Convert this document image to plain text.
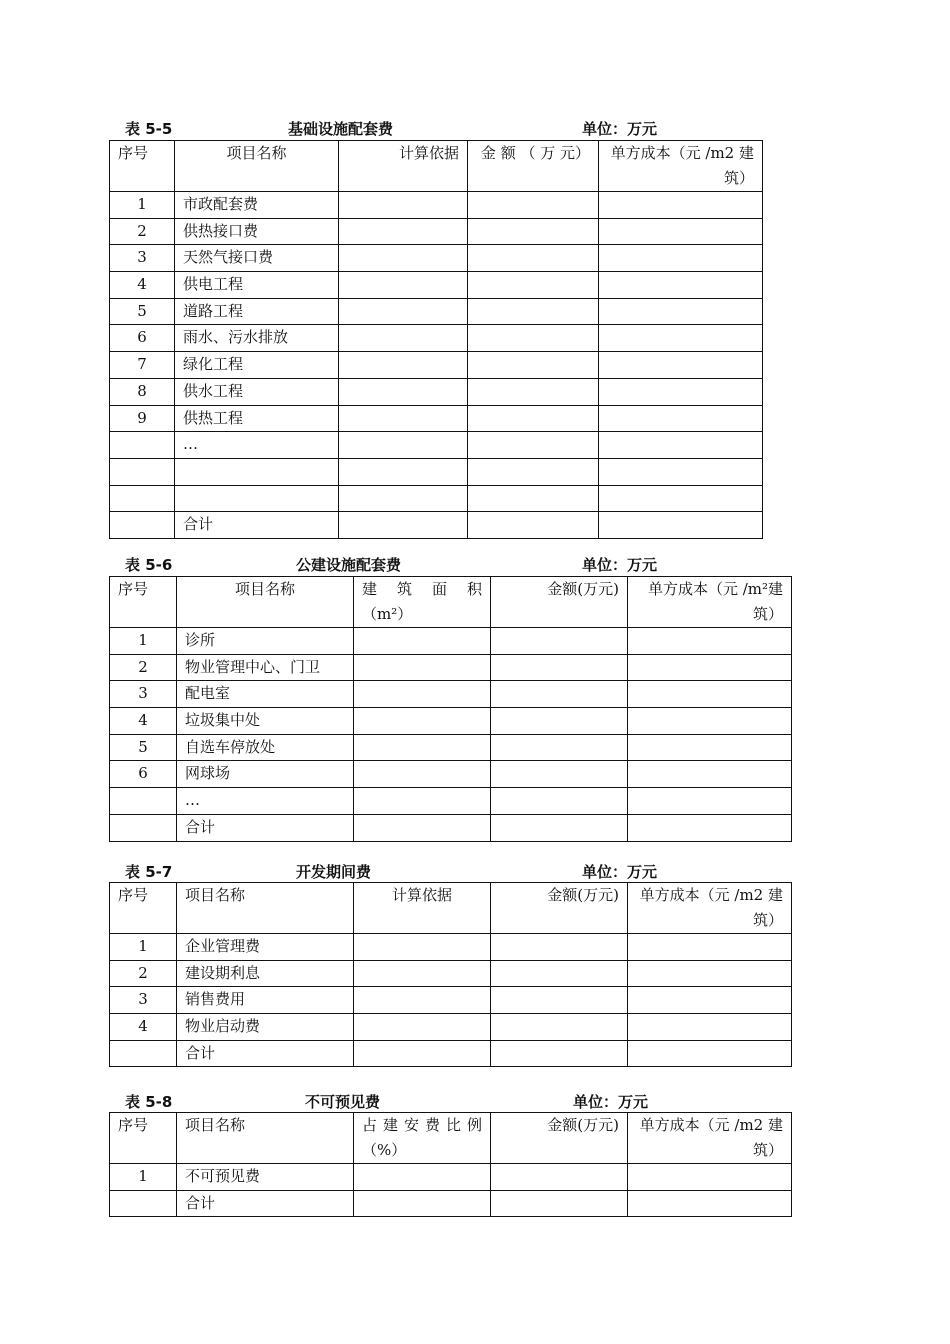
表 5-5	基础设施配套费	单位：万元
序号	项目名称	计算依据	金 额 （ 万 元）	单方成本（元 /m2 建筑）
1	市政配套费			
2	供热接口费			
3	天然气接口费			
4	供电工程			
5	道路工程			
6	雨水、污水排放			
7	绿化工程			
8	供水工程			
9	供热工程			
	…			

	合计			
表 5-6	公建设施配套费	单位：万元
序号	项目名称	建 筑 面 积 （m²）	金额(万元)	单方成本（元 /m²建筑）
1	诊所			
2	物业管理中心、门卫			
3	配电室			
4	垃圾集中处			
5	自选车停放处			
6	网球场			
	…			
	合计			
表 5-7	开发期间费	单位：万元
序号	项目名称	计算依据	金额(万元)	单方成本（元 /m2 建筑）
1	企业管理费			
2	建设期利息			
3	销售费用			
4	物业启动费			
	合计			
表 5-8	不可预见费	单位：万元
序号	项目名称	占建安费比例（%）	金额(万元)	单方成本（元 /m2 建筑）
1	不可预见费			
	合计			
